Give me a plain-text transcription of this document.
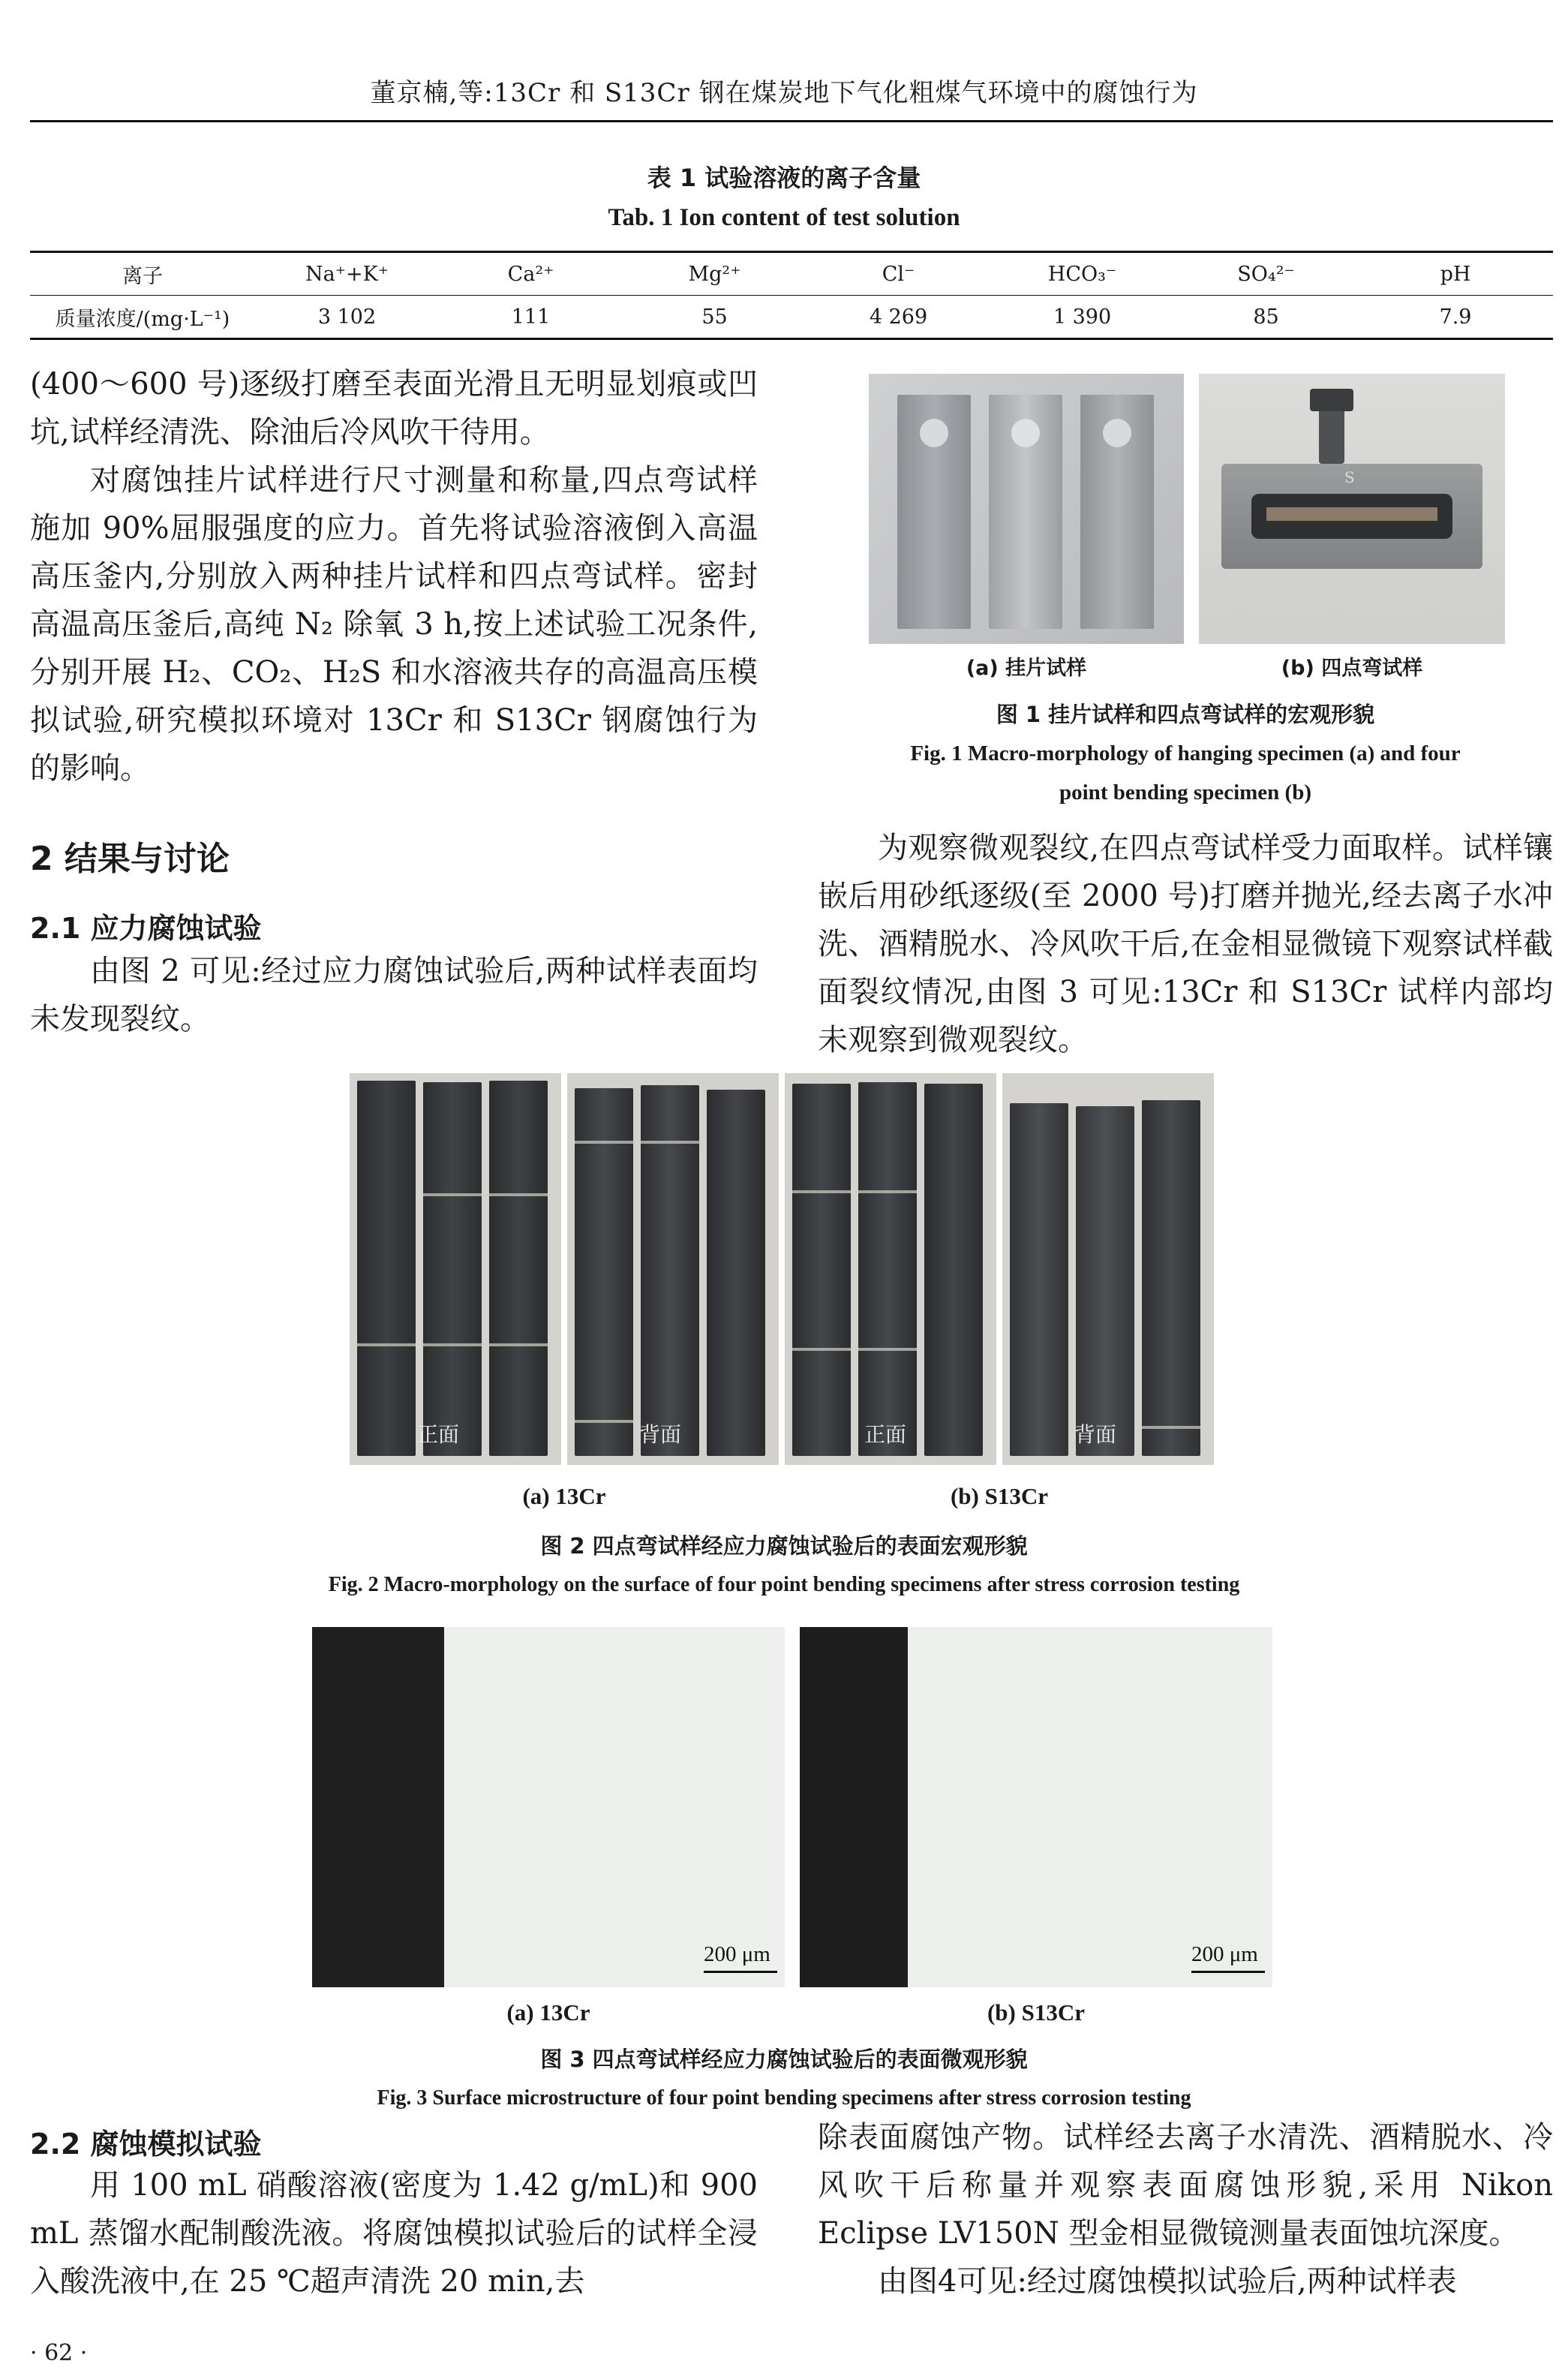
董京楠,等:13Cr 和 S13Cr 钢在煤炭地下气化粗煤气环境中的腐蚀行为
表 1 试验溶液的离子含量
Tab. 1 Ion content of test solution
离子	Na⁺+K⁺	Ca²⁺	Mg²⁺	Cl⁻	HCO₃⁻	SO₄²⁻	pH
质量浓度/(mg·L⁻¹)	3 102	111	55	4 269	1 390	85	7.9

(400～600 号)逐级打磨至表面光滑且无明显划痕或凹坑,试样经清洗、除油后冷风吹干待用。

对腐蚀挂片试样进行尺寸测量和称量,四点弯试样施加 90%屈服强度的应力。首先将试验溶液倒入高温高压釜内,分别放入两种挂片试样和四点弯试样。密封高温高压釜后,高纯 N₂ 除氧 3 h,按上述试验工况条件,分别开展 H₂、CO₂、H₂S 和水溶液共存的高温高压模拟试验,研究模拟环境对 13Cr 和 S13Cr 钢腐蚀行为的影响。

2 结果与讨论
2.1 应力腐蚀试验

由图 2 可见:经过应力腐蚀试验后,两种试样表面均未发现裂纹。

S
(a) 挂片试样	(b) 四点弯试样
图 1 挂片试样和四点弯试样的宏观形貌
Fig. 1 Macro-morphology of hanging specimen (a) and four
point bending specimen (b)

为观察微观裂纹,在四点弯试样受力面取样。试样镶嵌后用砂纸逐级(至 2000 号)打磨并抛光,经去离子水冲洗、酒精脱水、冷风吹干后,在金相显微镜下观察试样截面裂纹情况,由图 3 可见:13Cr 和 S13Cr 试样内部均未观察到微观裂纹。

正面	背面	正面	背面
(a) 13Cr	(b) S13Cr
图 2 四点弯试样经应力腐蚀试验后的表面宏观形貌
Fig. 2 Macro-morphology on the surface of four point bending specimens after stress corrosion testing
200 μm	200 μm
(a) 13Cr	(b) S13Cr
图 3 四点弯试样经应力腐蚀试验后的表面微观形貌
Fig. 3 Surface microstructure of four point bending specimens after stress corrosion testing
2.2 腐蚀模拟试验

用 100 mL 硝酸溶液(密度为 1.42 g/mL)和 900 mL 蒸馏水配制酸洗液。将腐蚀模拟试验后的试样全浸入酸洗液中,在 25 ℃超声清洗 20 min,去

除表面腐蚀产物。试样经去离子水清洗、酒精脱水、冷风吹干后称量并观察表面腐蚀形貌,采用 Nikon Eclipse LV150N 型金相显微镜测量表面蚀坑深度。

由图4可见:经过腐蚀模拟试验后,两种试样表

· 62 ·
